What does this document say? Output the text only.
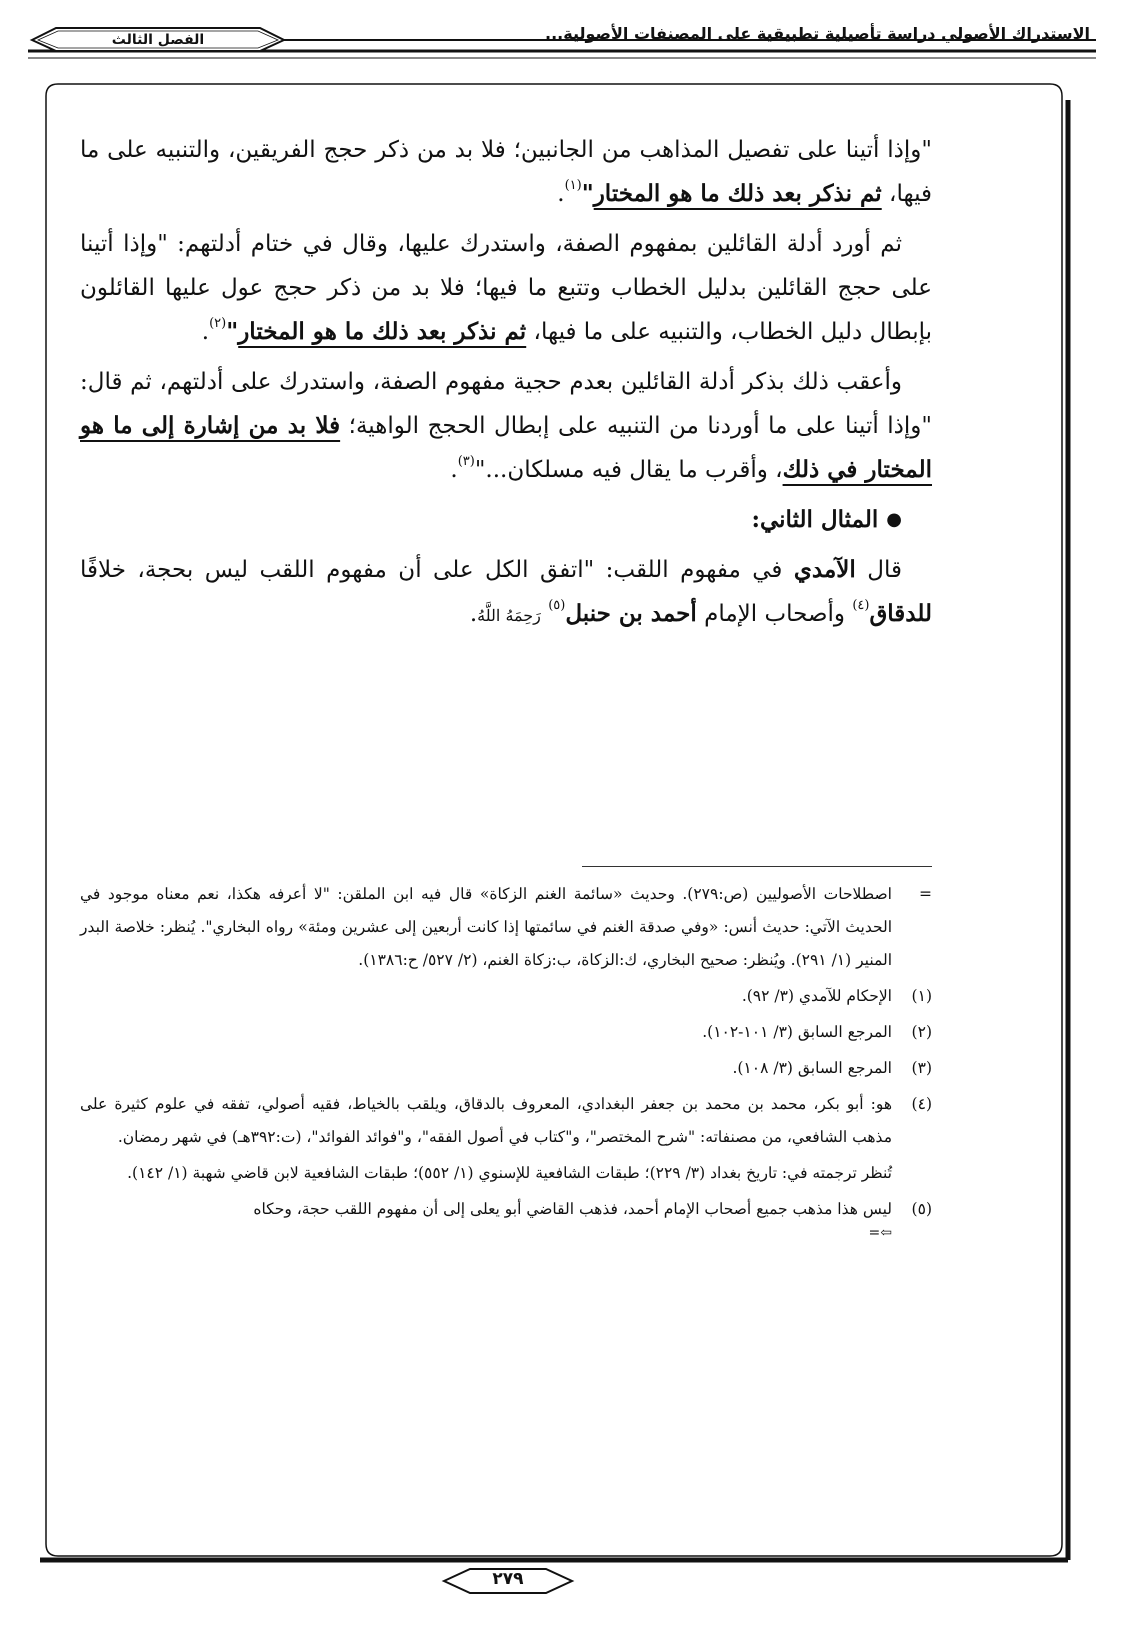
الفصل الثالث	الاستدراك الأصولي دراسة تأصيلية تطبيقية على المصنفات الأصولية...

"وإذا أتينا على تفصيل المذاهب من الجانبين؛ فلا بد من ذكر حجج الفريقين، والتنبيه على ما فيها، ثم نذكر بعد ذلك ما هو المختار"$^{(١)}$.

ثم أورد أدلة القائلين بمفهوم الصفة، واستدرك عليها، وقال في ختام أدلتهم: "وإذا أتينا على حجج القائلين بدليل الخطاب وتتبع ما فيها؛ فلا بد من ذكر حجج عول عليها القائلون بإبطال دليل الخطاب، والتنبيه على ما فيها، ثم نذكر بعد ذلك ما هو المختار"$^{(٢)}$.

وأعقب ذلك بذكر أدلة القائلين بعدم حجية مفهوم الصفة، واستدرك على أدلتهم، ثم قال: "وإذا أتينا على ما أوردنا من التنبيه على إبطال الحجج الواهية؛ فلا بد من إشارة إلى ما هو المختار في ذلك، وأقرب ما يقال فيه مسلكان..."$^{(٣)}$.

●المثال الثاني:

قال الآمدي في مفهوم اللقب: "اتفق الكل على أن مفهوم اللقب ليس بحجة، خلافًا للدقاق$^{(٤)}$ وأصحاب الإمام أحمد بن حنبل$^{(٥)}$ رَحِمَهُ اللَّهُ.

=
اصطلاحات الأصوليين (ص:٢٧٩). وحديث «سائمة الغنم الزكاة» قال فيه ابن الملقن: "لا أعرفه هكذا، نعم معناه موجود في الحديث الآتي: حديث أنس: «وفي صدقة الغنم في سائمتها إذا كانت أربعين إلى عشرين ومئة» رواه البخاري". يُنظر: خلاصة البدر المنير (١/ ٢٩١). ويُنظر: صحيح البخاري، ك:الزكاة، ب:زكاة الغنم، (٢/ ٥٢٧/ ح:١٣٨٦).
(١)
الإحكام للآمدي (٣/ ٩٢).
(٢)
المرجع السابق (٣/ ١٠١-١٠٢).
(٣)
المرجع السابق (٣/ ١٠٨).
(٤)
هو: أبو بكر، محمد بن محمد بن جعفر البغدادي، المعروف بالدقاق، ويلقب بالخياط، فقيه أصولي، تفقه في علوم كثيرة على مذهب الشافعي، من مصنفاته: "شرح المختصر"، و"كتاب في أصول الفقه"، و"فوائد الفوائد"، (ت:٣٩٢هـ) في شهر رمضان.
تُنظر ترجمته في: تاريخ بغداد (٣/ ٢٢٩)؛ طبقات الشافعية للإسنوي (١/ ٥٥٢)؛ طبقات الشافعية لابن قاضي شهبة (١/ ١٤٢).
(٥)
ليس هذا مذهب جميع أصحاب الإمام أحمد، فذهب القاضي أبو يعلى إلى أن مفهوم اللقب حجة، وحكاه
⇦=
٢٧٩
